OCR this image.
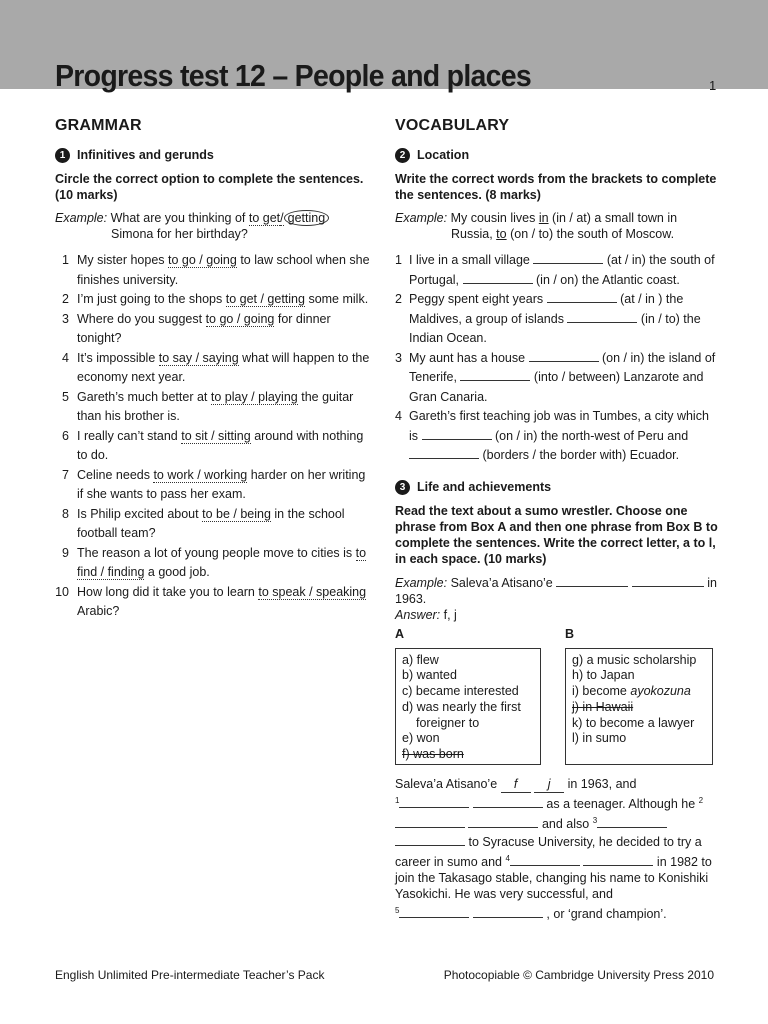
Progress test 12 – People and places	1
GRAMMAR
1 Infinitives and gerunds
Circle the correct option to complete the sentences. (10 marks)
Example: What are you thinking of to get/ getting
Simona for her birthday?
1 My sister hopes to go / going to law school when she finishes university.
2 I’m just going to the shops to get / getting some milk.
3 Where do you suggest to go / going for dinner tonight?
4 It’s impossible to say / saying what will happen to the economy next year.
5 Gareth’s much better at to play / playing the guitar than his brother is.
6 I really can’t stand to sit / sitting around with nothing to do.
7 Celine needs to work / working harder on her writing if she wants to pass her exam.
8 Is Philip excited about to be / being in the school football team?
9 The reason a lot of young people move to cities is to find / finding a good job.
10 How long did it take you to learn to speak / speaking Arabic?
VOCABULARY
2 Location
Write the correct words from the brackets to complete the sentences. (8 marks)
Example: My cousin lives in (in / at) a small town in
Russia, to (on / to) the south of Moscow.
1 I live in a small village	(at / in) the south of Portugal,	(in / on) the Atlantic coast.
2 Peggy spent eight years	(at / in ) the Maldives, a group of islands	(in / to) the Indian Ocean.
3 My aunt has a house	(on / in) the island of Tenerife,	(into / between) Lanzarote and Gran Canaria.
4 Gareth’s first teaching job was in Tumbes, a city which is	(on / in) the north-west of Peru and  (borders / the border with) Ecuador.
3 Life and achievements
Read the text about a sumo wrestler. Choose one phrase from Box A and then one phrase from Box B to complete the sentences. Write the correct letter, a to l, in each space. (10 marks)
Example: Saleva’a Atisano’e	in 1963.
Answer: f, j
A
a) flew
b) wanted
c) became interested
d) was nearly the first
foreigner to
e) won
f) was born
B
g) a music scholarship
h) to Japan
i) become ayokozuna
j) in Hawaii
k) to become a lawyer
l) in sumo
Saleva’a Atisano’e f j in 1963, and
$^1$	as a teenager. Although he $^2$  and also $^3$
to Syracuse University, he decided to try a career in sumo and $^4$	in 1982 to join the Takasago stable, changing his name to Konishiki Yasokichi. He was very successful, and
$^5$	, or ‘grand champion’.
English Unlimited Pre-intermediate Teacher’s Pack	Photocopiable © Cambridge University Press 2010
